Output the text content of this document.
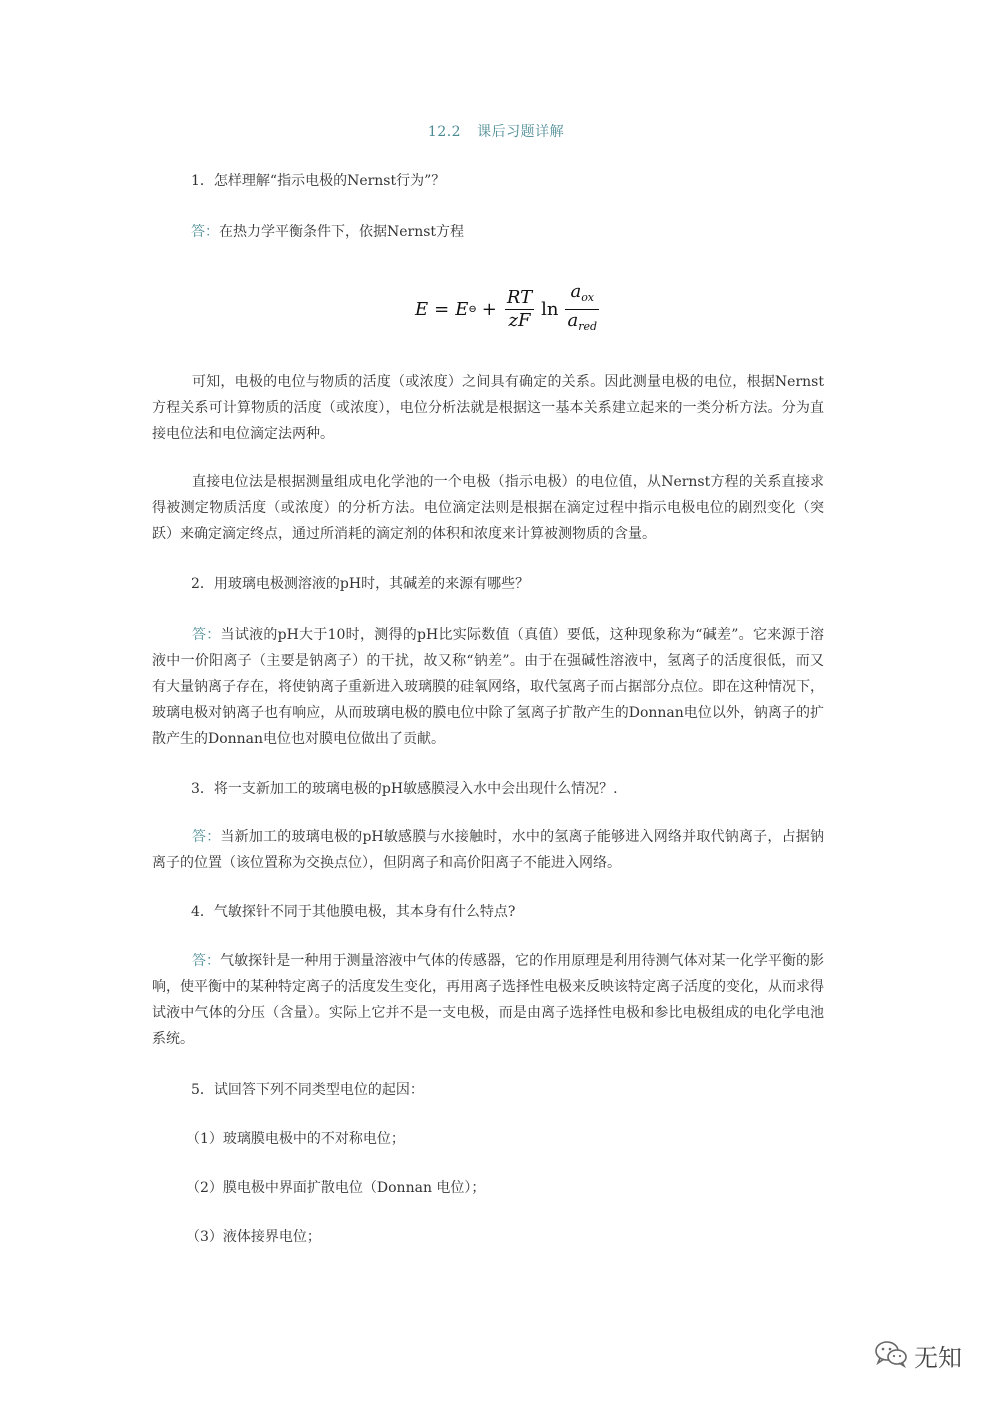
12.2 课后习题详解
1．怎样理解“指示电极的Nernst行为”？
答：在热力学平衡条件下，依据Nernst方程
E = E ⊖ + $\frac{RT}{zF}$ $\ln \frac{a_{ox}}{a_{red}}$
可知，电极的电位与物质的活度（或浓度）之间具有确定的关系。因此测量电极的电位，根据Nernst方程关系可计算物质的活度（或浓度），电位分析法就是根据这一基本关系建立起来的一类分析方法。分为直接电位法和电位滴定法两种。
直接电位法是根据测量组成电化学池的一个电极（指示电极）的电位值，从Nernst方程的关系直接求得被测定物质活度（或浓度）的分析方法。电位滴定法则是根据在滴定过程中指示电极电位的剧烈变化（突跃）来确定滴定终点，通过所消耗的滴定剂的体积和浓度来计算被测物质的含量。
2．用玻璃电极测溶液的pH时，其碱差的来源有哪些？
答：当试液的pH大于10时，测得的pH比实际数值（真值）要低，这种现象称为“碱差”。它来源于溶液中一价阳离子（主要是钠离子）的干扰，故又称“钠差”。由于在强碱性溶液中，氢离子的活度很低，而又有大量钠离子存在，将使钠离子重新进入玻璃膜的硅氧网络，取代氢离子而占据部分点位。即在这种情况下，玻璃电极对钠离子也有响应，从而玻璃电极的膜电位中除了氢离子扩散产生的Donnan电位以外，钠离子的扩散产生的Donnan电位也对膜电位做出了贡献。
3．将一支新加工的玻璃电极的pH敏感膜浸入水中会出现什么情况？.
答：当新加工的玻璃电极的pH敏感膜与水接触时，水中的氢离子能够进入网络并取代钠离子，占据钠离子的位置（该位置称为交换点位），但阴离子和高价阳离子不能进入网络。
4．气敏探针不同于其他膜电极，其本身有什么特点?
答：气敏探针是一种用于测量溶液中气体的传感器，它的作用原理是利用待测气体对某一化学平衡的影响，使平衡中的某种特定离子的活度发生变化，再用离子选择性电极来反映该特定离子活度的变化，从而求得试液中气体的分压（含量）。实际上它并不是一支电极，而是由离子选择性电极和参比电极组成的电化学电池系统。
5．试回答下列不同类型电位的起因：
（1）玻璃膜电极中的不对称电位；
（2）膜电极中界面扩散电位（Donnan 电位）；
（3）液体接界电位；
无知
